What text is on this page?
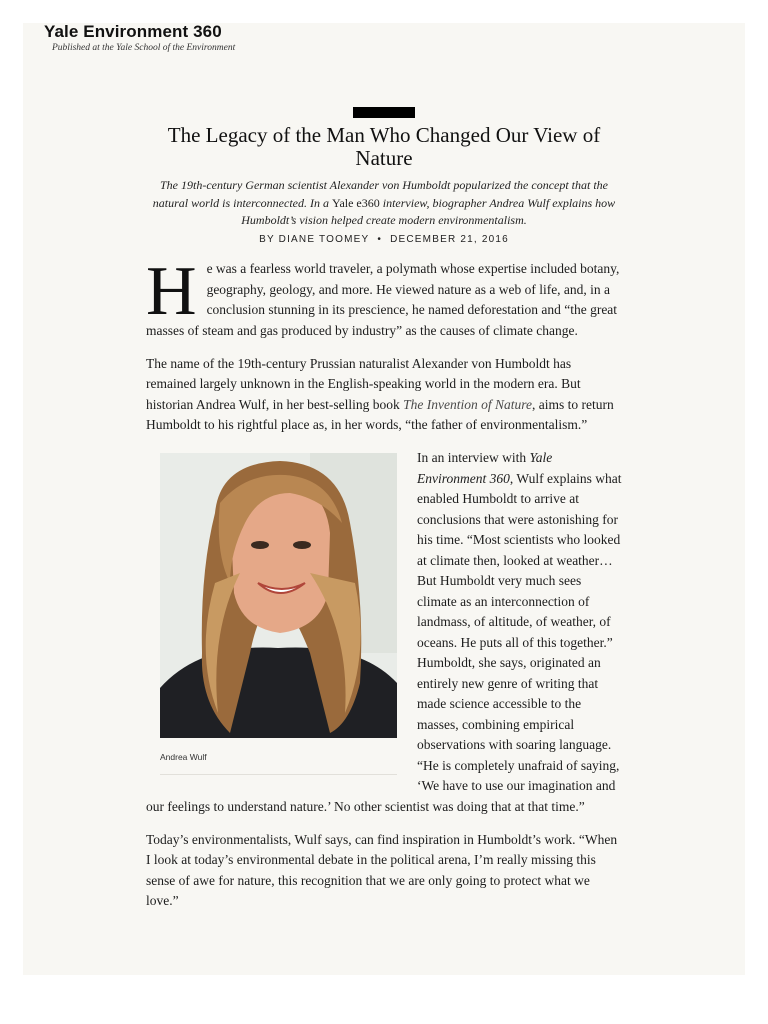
Yale Environment 360
Published at the Yale School of the Environment
The Legacy of the Man Who Changed Our View of Nature
The 19th-century German scientist Alexander von Humboldt popularized the concept that the natural world is interconnected. In a Yale e360 interview, biographer Andrea Wulf explains how Humboldt’s vision helped create modern environmentalism.
BY DIANE TOOMEY • DECEMBER 21, 2016

He was a fearless world traveler, a polymath whose expertise included botany, geography, geology, and more. He viewed nature as a web of life, and, in a conclusion stunning in its prescience, he named deforestation and “the great masses of steam and gas produced by industry” as the causes of climate change.

The name of the 19th-century Prussian naturalist Alexander von Humboldt has remained largely unknown in the English-speaking world in the modern era. But historian Andrea Wulf, in her best-selling book The Invention of Nature, aims to return Humboldt to his rightful place as, in her words, “the father of environmentalism.”

Andrea Wulf

In an interview with Yale Environment 360, Wulf explains what enabled Humboldt to arrive at conclusions that were astonishing for his time. “Most scientists who looked at climate then, looked at weather… But Humboldt very much sees climate as an interconnection of landmass, of altitude, of weather, of oceans. He puts all of this together.” Humboldt, she says, originated an entirely new genre of writing that made science accessible to the masses, combining empirical observations with soaring language. “He is completely unafraid of saying, ‘We have to use our imagination and our feelings to understand nature.’ No other scientist was doing that at that time.”

Today’s environmentalists, Wulf says, can find inspiration in Humboldt’s work. “When I look at today’s environmental debate in the political arena, I’m really missing this sense of awe for nature, this recognition that we are only going to protect what we love.”
